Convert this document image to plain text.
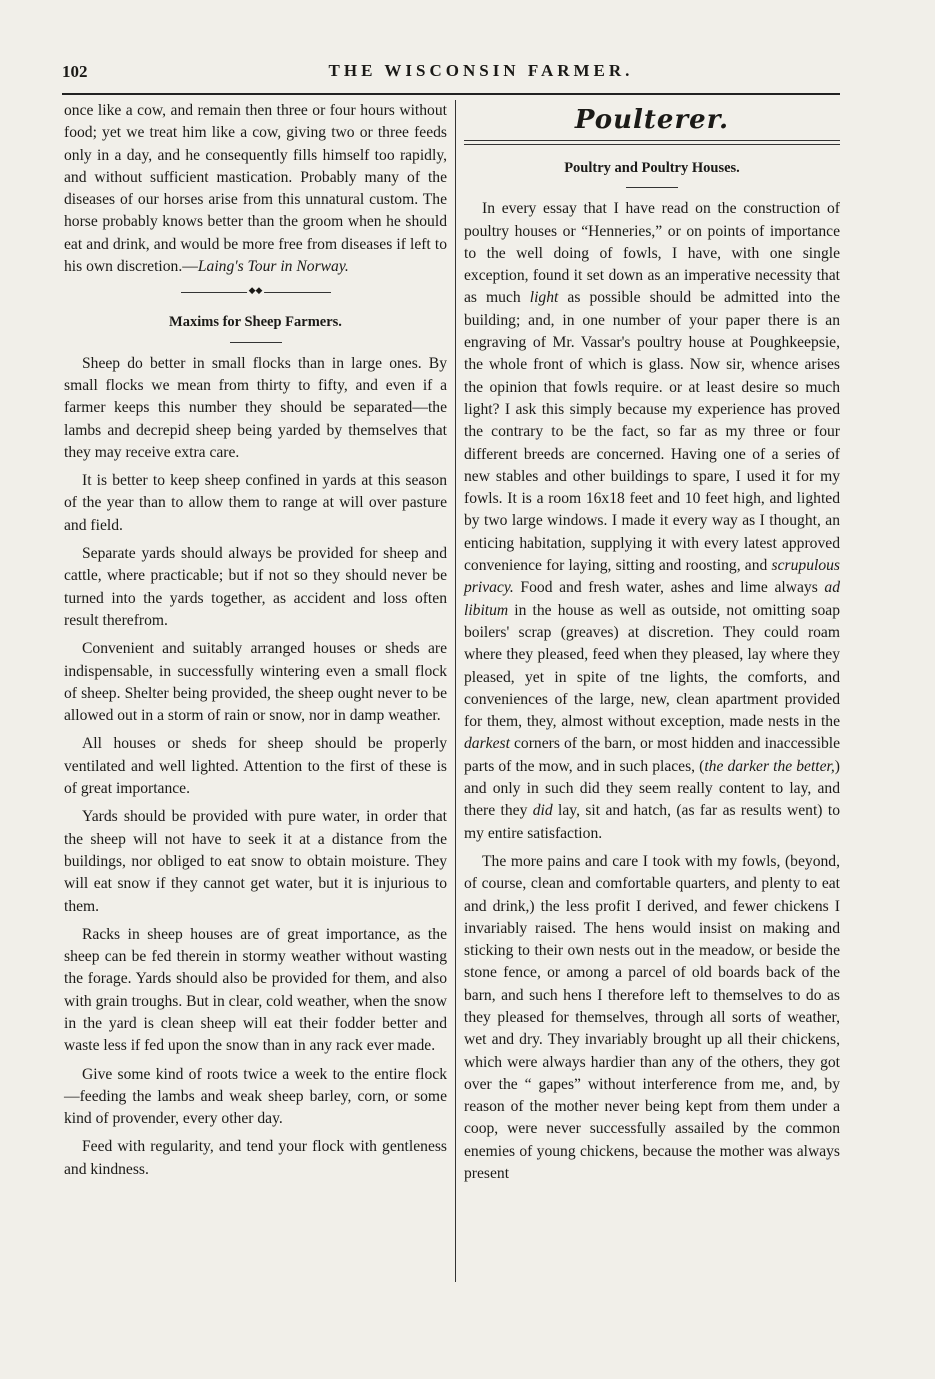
102	THE WISCONSIN FARMER.

once like a cow, and remain then three or four hours without food; yet we treat him like a cow, giving two or three feeds only in a day, and he consequently fills himself too rapidly, and without sufficient mastication. Probably many of the diseases of our horses arise from this unnatural custom. The horse probably knows better than the groom when he should eat and drink, and would be more free from diseases if left to his own discretion.—Laing's Tour in Norway.

◆◆
Maxims for Sheep Farmers.

Sheep do better in small flocks than in large ones. By small flocks we mean from thirty to fifty, and even if a farmer keeps this number they should be separated—the lambs and decrepid sheep being yarded by themselves that they may receive extra care.

It is better to keep sheep confined in yards at this season of the year than to allow them to range at will over pasture and field.

Separate yards should always be provided for sheep and cattle, where practicable; but if not so they should never be turned into the yards together, as accident and loss often result therefrom.

Convenient and suitably arranged houses or sheds are indispensable, in successfully wintering even a small flock of sheep. Shelter being provided, the sheep ought never to be allowed out in a storm of rain or snow, nor in damp weather.

All houses or sheds for sheep should be properly ventilated and well lighted. Attention to the first of these is of great importance.

Yards should be provided with pure water, in order that the sheep will not have to seek it at a distance from the buildings, nor obliged to eat snow to obtain moisture. They will eat snow if they cannot get water, but it is injurious to them.

Racks in sheep houses are of great importance, as the sheep can be fed therein in stormy weather without wasting the forage. Yards should also be provided for them, and also with grain troughs. But in clear, cold weather, when the snow in the yard is clean sheep will eat their fodder better and waste less if fed upon the snow than in any rack ever made.

Give some kind of roots twice a week to the entire flock—feeding the lambs and weak sheep barley, corn, or some kind of provender, every other day.

Feed with regularity, and tend your flock with gentleness and kindness.

Poulterer.
Poultry and Poultry Houses.

In every essay that I have read on the construction of poultry houses or “Henneries,” or on points of importance to the well doing of fowls, I have, with one single exception, found it set down as an imperative necessity that as much light as possible should be admitted into the building; and, in one number of your paper there is an engraving of Mr. Vassar's poultry house at Poughkeepsie, the whole front of which is glass. Now sir, whence arises the opinion that fowls require. or at least desire so much light? I ask this simply because my experience has proved the contrary to be the fact, so far as my three or four different breeds are concerned. Having one of a series of new stables and other buildings to spare, I used it for my fowls. It is a room 16x18 feet and 10 feet high, and lighted by two large windows. I made it every way as I thought, an enticing habitation, supplying it with every latest approved convenience for laying, sitting and roosting, and scrupulous privacy. Food and fresh water, ashes and lime always ad libitum in the house as well as outside, not omitting soap boilers' scrap (greaves) at discretion. They could roam where they pleased, feed when they pleased, lay where they pleased, yet in spite of tne lights, the comforts, and conveniences of the large, new, clean apartment provided for them, they, almost without exception, made nests in the darkest corners of the barn, or most hidden and inaccessible parts of the mow, and in such places, (the darker the better,) and only in such did they seem really content to lay, and there they did lay, sit and hatch, (as far as results went) to my entire satisfaction.

The more pains and care I took with my fowls, (beyond, of course, clean and comfortable quarters, and plenty to eat and drink,) the less profit I derived, and fewer chickens I invariably raised. The hens would insist on making and sticking to their own nests out in the meadow, or beside the stone fence, or among a parcel of old boards back of the barn, and such hens I therefore left to themselves to do as they pleased for themselves, through all sorts of weather, wet and dry. They invariably brought up all their chickens, which were always hardier than any of the others, they got over the “ gapes” without interference from me, and, by reason of the mother never being kept from them under a coop, were never successfully assailed by the common enemies of young chickens, because the mother was always present
